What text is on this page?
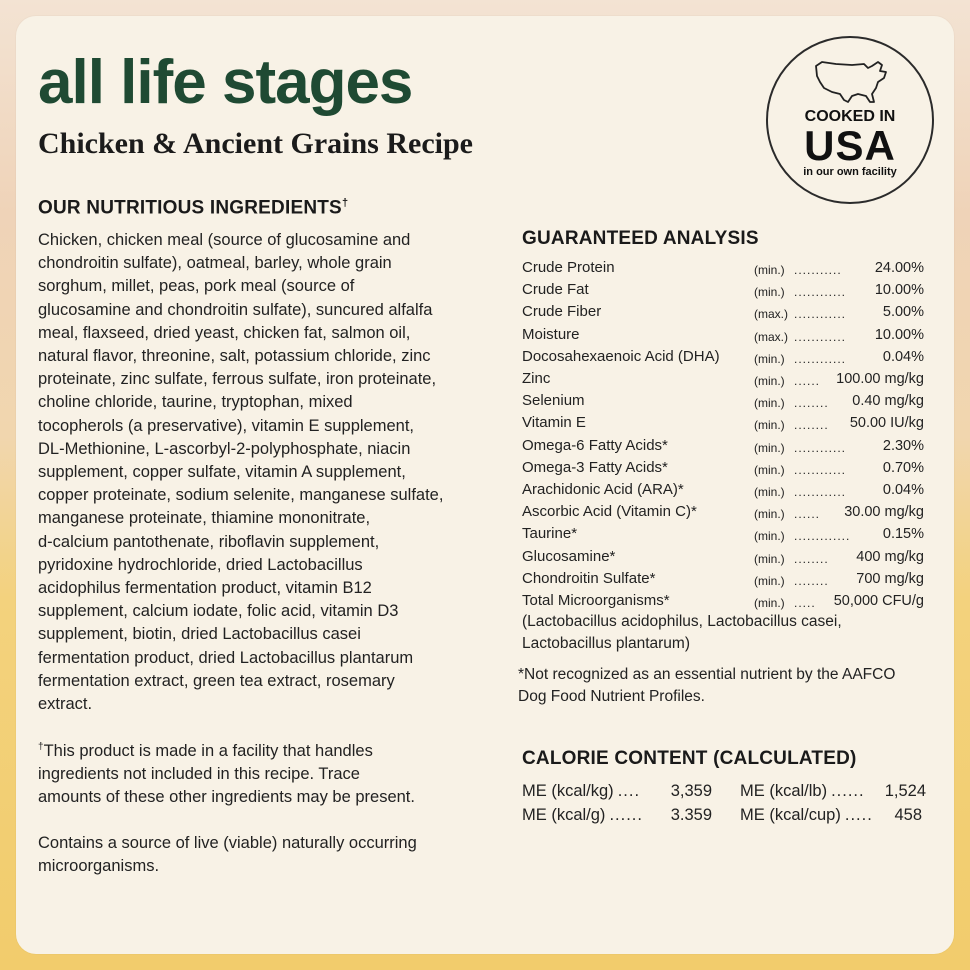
all life stages
Chicken & Ancient Grains Recipe
COOKED IN
USA
in our own facility
OUR NUTRITIOUS INGREDIENTS†
Chicken, chicken meal (source of glucosamine and
chondroitin sulfate), oatmeal, barley, whole grain
sorghum, millet, peas, pork meal (source of
glucosamine and chondroitin sulfate), suncured alfalfa
meal, flaxseed, dried yeast, chicken fat, salmon oil,
natural flavor, threonine, salt, potassium chloride, zinc
proteinate, zinc sulfate, ferrous sulfate, iron proteinate,
choline chloride, taurine, tryptophan, mixed
tocopherols (a preservative), vitamin E supplement,
DL-Methionine, L-ascorbyl-2-polyphosphate, niacin
supplement, copper sulfate, vitamin A supplement,
copper proteinate, sodium selenite, manganese sulfate,
manganese proteinate, thiamine mononitrate,
d-calcium pantothenate, riboflavin supplement,
pyridoxine hydrochloride, dried Lactobacillus
acidophilus fermentation product, vitamin B12
supplement, calcium iodate, folic acid, vitamin D3
supplement, biotin, dried Lactobacillus casei
fermentation product, dried Lactobacillus plantarum
fermentation extract, green tea extract, rosemary
extract.
†This product is made in a facility that handles
ingredients not included in this recipe. Trace
amounts of these other ingredients may be present.
Contains a source of live (viable) naturally occurring
microorganisms.
GUARANTEED ANALYSIS
Crude Protein	(min.) ........... 24.00%
Crude Fat	(min.) ............ 10.00%
Crude Fiber	(max.) ............	5.00%
Moisture	(max.) ............ 10.00%
Docosahexaenoic Acid (DHA)	(min.) ............	0.04%
Zinc	(min.) ...... 100.00 mg/kg
Selenium	(min.) ........ 0.40 mg/kg
Vitamin E	(min.) ........ 50.00 IU/kg
Omega-6 Fatty Acids*	(min.) ............	2.30%
Omega-3 Fatty Acids*	(min.) ............	0.70%
Arachidonic Acid (ARA)*	(min.) ............	0.04%
Ascorbic Acid (Vitamin C)*	(min.) ...... 30.00 mg/kg
Taurine*	(min.) ............. 0.15%
Glucosamine*	(min.) ........ 400 mg/kg
Chondroitin Sulfate*	(min.) ........ 700 mg/kg
Total Microorganisms*	(min.) ..... 50,000 CFU/g
(Lactobacillus acidophilus, Lactobacillus casei,
Lactobacillus plantarum)
*Not recognized as an essential nutrient by the AAFCO
Dog Food Nutrient Profiles.
CALORIE CONTENT (CALCULATED)
ME (kcal/kg) .... 3,359 ME (kcal/lb) ...... 1,524
ME (kcal/g) ...... 3.359 ME (kcal/cup) ..... 458
